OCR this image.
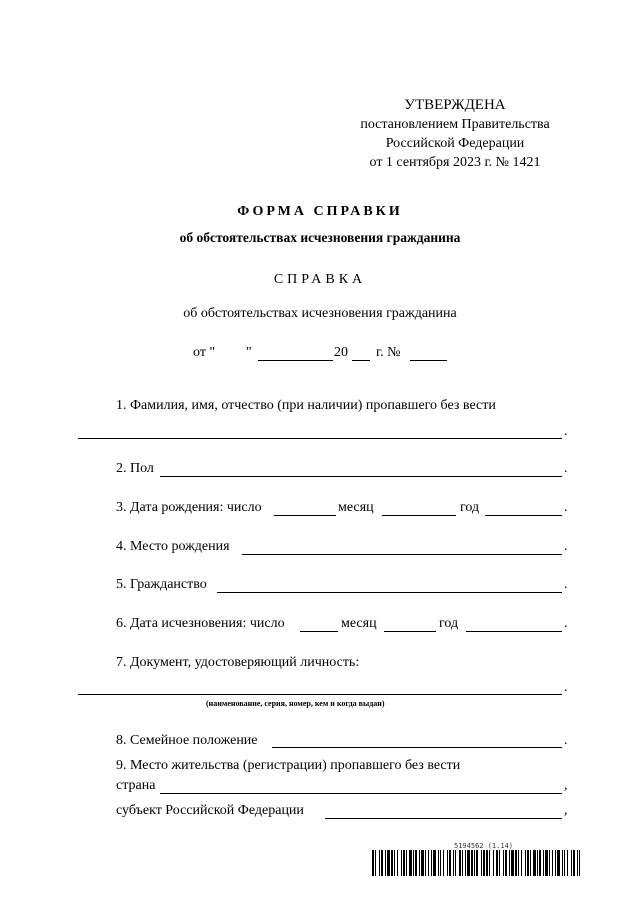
УТВЕРЖДЕНА
постановлением Правительства
Российской Федерации
от 1 сентября 2023 г. № 1421
ФОРМА СПРАВКИ
об обстоятельствах исчезновения гражданина
СПРАВКА
об обстоятельствах исчезновения гражданина
от " "	20 г. №
1. Фамилия, имя, отчество (при наличии) пропавшего без вести
.
2. Пол	.
3. Дата рождения: число	месяц	год	.
4. Место рождения	.
5. Гражданство	.
6. Дата исчезновения: число	месяц	год	.
7. Документ, удостоверяющий личность:
.
(наименование, серия, номер, кем и когда выдан)
8. Семейное положение	.
9. Место жительства (регистрации) пропавшего без вести
страна	,
субъект Российской Федерации	,
5194562 (1.14)
